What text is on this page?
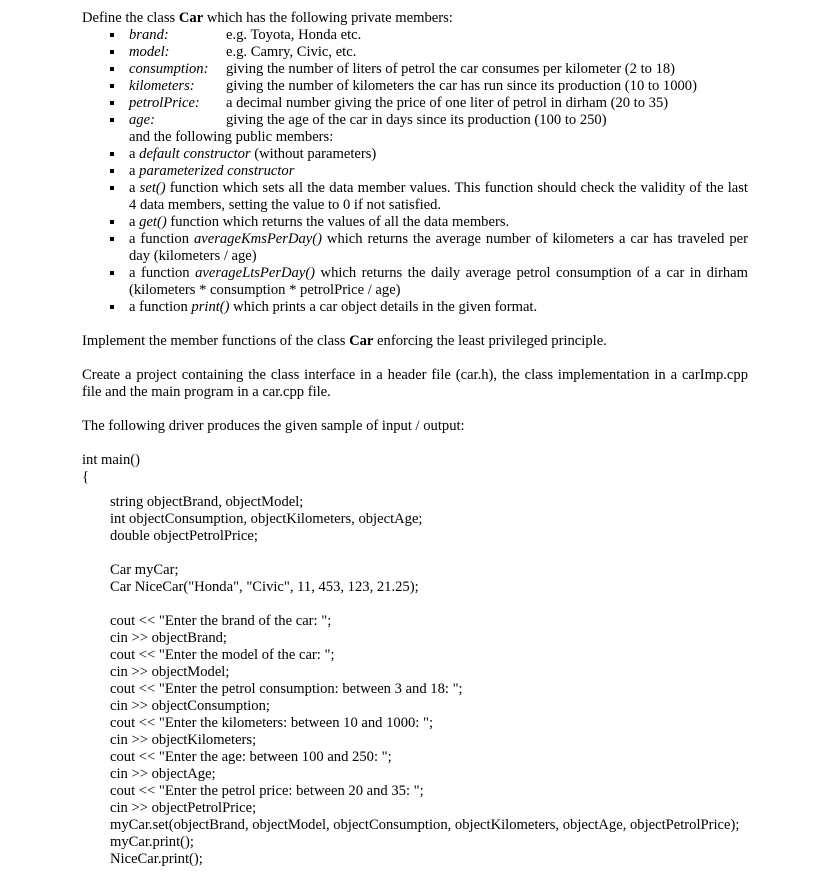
Define the class Car which has the following private members:
brand:	e.g. Toyota, Honda etc.
model:	e.g. Camry, Civic, etc.
consumption:	giving the number of liters of petrol the car consumes per kilometer (2 to 18)
kilometers:	giving the number of kilometers the car has run since its production (10 to 1000)
petrolPrice:	a decimal number giving the price of one liter of petrol in dirham (20 to 35)
age:	giving the age of the car in days since its production (100 to 250)
and the following public members:
a default constructor (without parameters)
a parameterized constructor
a set() function which sets all the data member values. This function should check the validity of the last 4 data members, setting the value to 0 if not satisfied.
a get() function which returns the values of all the data members.
a function averageKmsPerDay() which returns the average number of kilometers a car has traveled per day (kilometers / age)
a function averageLtsPerDay() which returns the daily average petrol consumption of a car in dirham (kilometers * consumption * petrolPrice / age)
a function print() which prints a car object details in the given format.
Implement the member functions of the class Car enforcing the least privileged principle.
Create a project containing the class interface in a header file (car.h), the class implementation in a carImp.cpp file and the main program in a car.cpp file.
The following driver produces the given sample of input / output:
int main()
{
string objectBrand, objectModel;
int objectConsumption, objectKilometers, objectAge;
double objectPetrolPrice;
Car myCar;
Car NiceCar("Honda", "Civic", 11, 453, 123, 21.25);
cout << "Enter the brand of the car: ";
cin >> objectBrand;
cout << "Enter the model of the car: ";
cin >> objectModel;
cout << "Enter the petrol consumption: between 3 and 18: ";
cin >> objectConsumption;
cout << "Enter the kilometers: between 10 and 1000: ";
cin >> objectKilometers;
cout << "Enter the age: between 100 and 250: ";
cin >> objectAge;
cout << "Enter the petrol price: between 20 and 35: ";
cin >> objectPetrolPrice;
myCar.set(objectBrand, objectModel, objectConsumption, objectKilometers, objectAge, objectPetrolPrice);
myCar.print();
NiceCar.print();
